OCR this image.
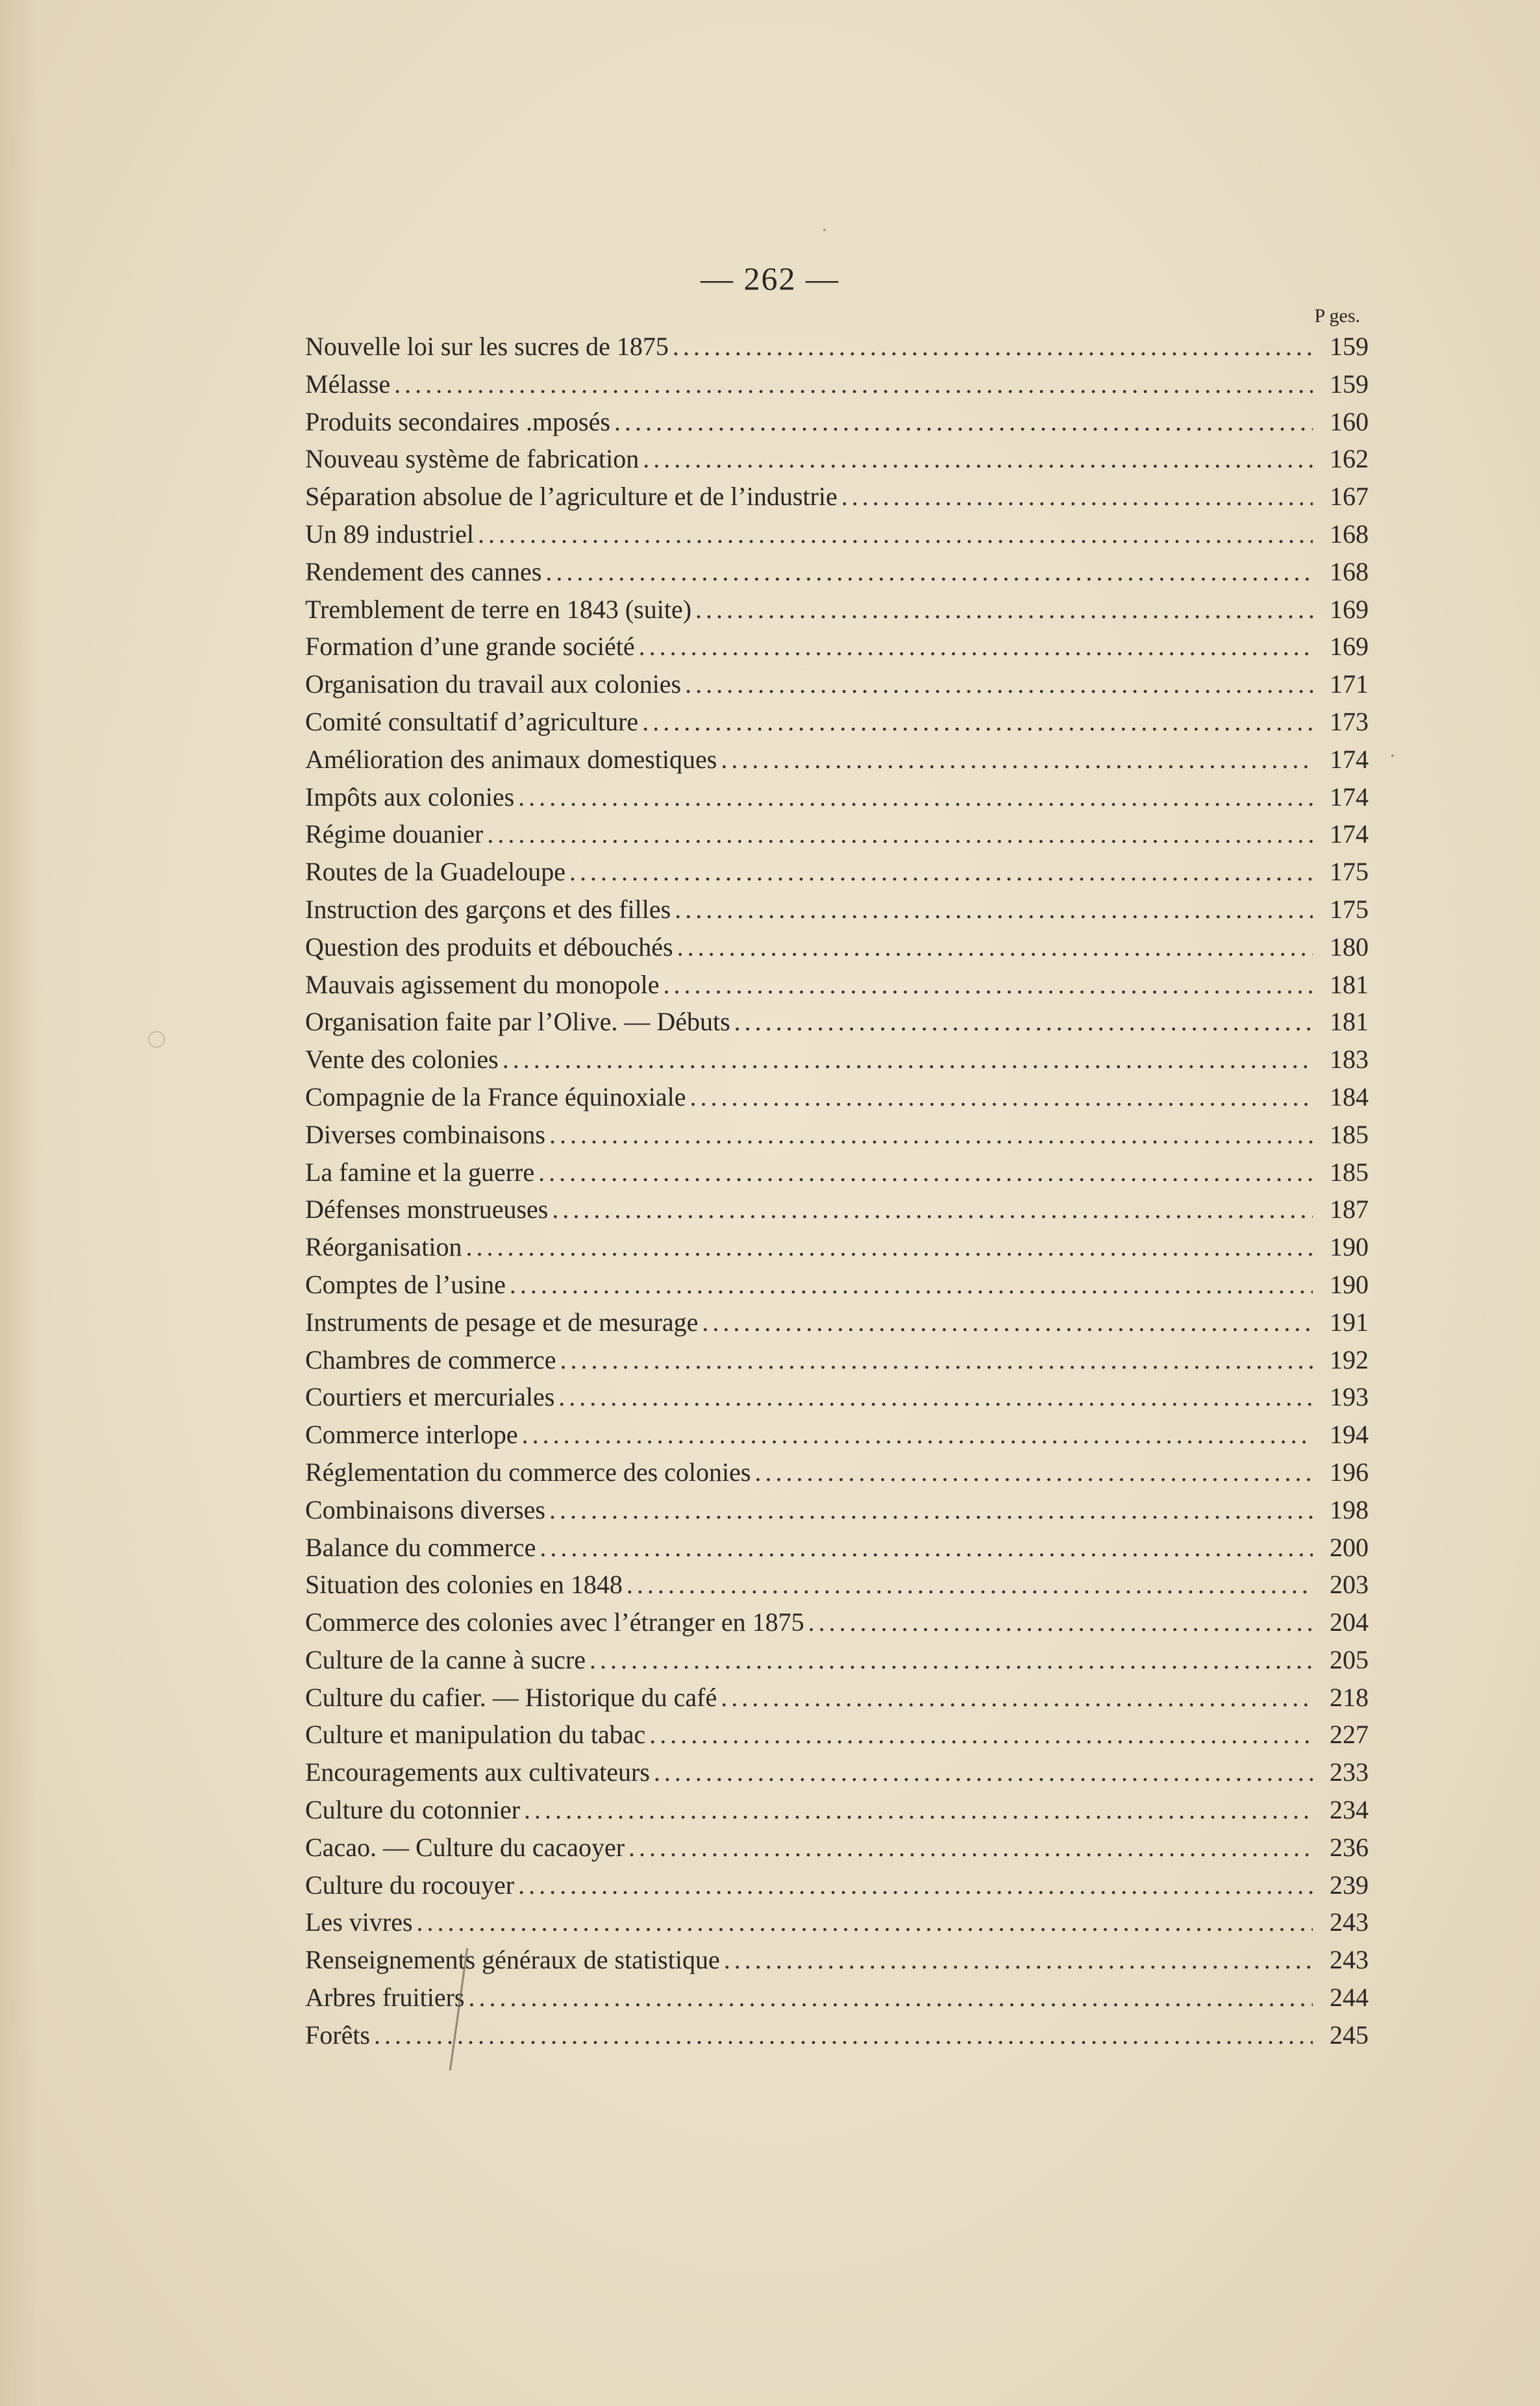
— 262 —
P ges.
Nouvelle loi sur les sucres de 1875 .....	159
Mélasse .....	159
Produits secondaires .mposés .....	160
Nouveau système de fabrication .....	162
Séparation absolue de l’agriculture et de l’industrie .....	167
Un 89 industriel .....	168
Rendement des cannes .....	168
Tremblement de terre en 1843 (suite) .....	169
Formation d’une grande société .....	169
Organisation du travail aux colonies .....	171
Comité consultatif d’agriculture .....	173
Amélioration des animaux domestiques .....	174
Impôts aux colonies .....	174
Régime douanier .....	174
Routes de la Guadeloupe .....	175
Instruction des garçons et des filles .....	175
Question des produits et débouchés .....	180
Mauvais agissement du monopole .....	181
Organisation faite par l’Olive. — Débuts .....	181
Vente des colonies .....	183
Compagnie de la France équinoxiale .....	184
Diverses combinaisons .....	185
La famine et la guerre .....	185
Défenses monstrueuses .....	187
Réorganisation .....	190
Comptes de l’usine .....	190
Instruments de pesage et de mesurage .....	191
Chambres de commerce .....	192
Courtiers et mercuriales .....	193
Commerce interlope .....	194
Réglementation du commerce des colonies .....	196
Combinaisons diverses .....	198
Balance du commerce .....	200
Situation des colonies en 1848 .....	203
Commerce des colonies avec l’étranger en 1875 .....	204
Culture de la canne à sucre .....	205
Culture du cafier. — Historique du café .....	218
Culture et manipulation du tabac .....	227
Encouragements aux cultivateurs .....	233
Culture du cotonnier .....	234
Cacao. — Culture du cacaoyer .....	236
Culture du rocouyer .....	239
Les vivres .....	243
Renseignements généraux de statistique .....	243
Arbres fruitiers .....	244
Forêts .....	245
